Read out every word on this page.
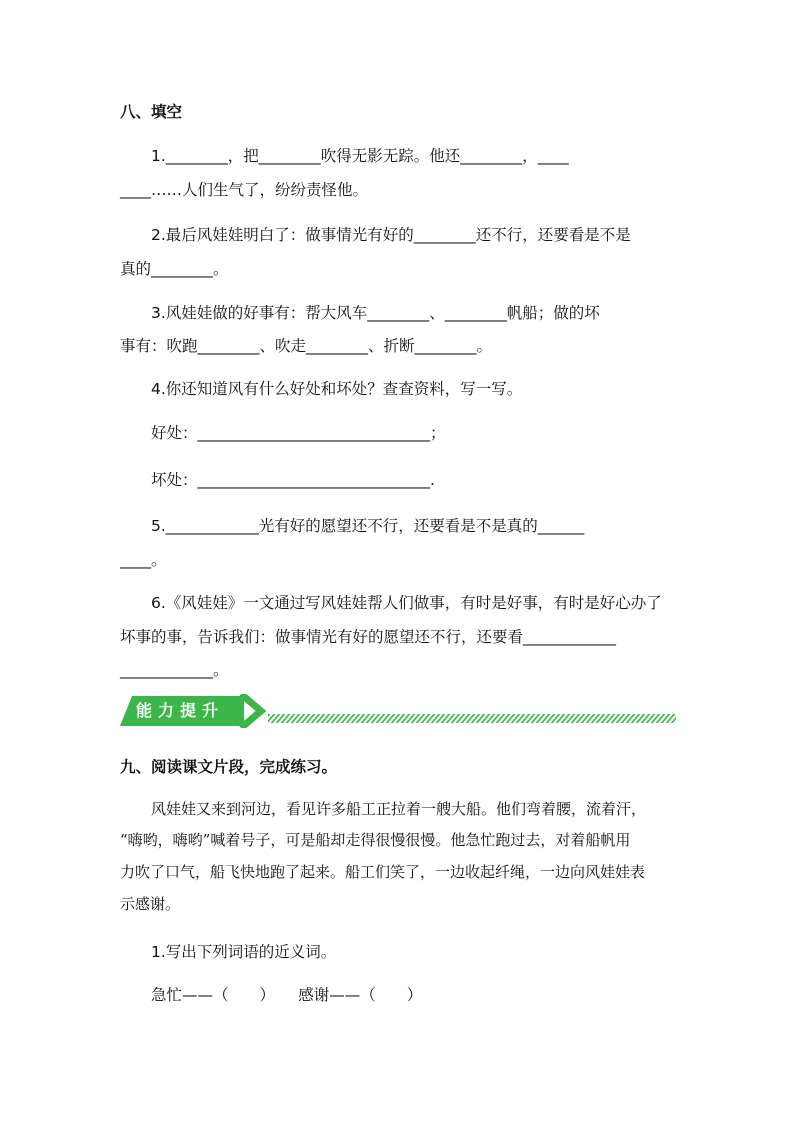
八、填空

1.________，把________吹得无影无踪。他还________，____

____……人们生气了，纷纷责怪他。

2.最后风娃娃明白了：做事情光有好的________还不行，还要看是不是

真的________。

3.风娃娃做的好事有：帮大风车________、________帆船；做的坏

事有：吹跑________、吹走________、折断________。

4.你还知道风有什么好处和坏处？查查资料，写一写。

好处：______________________________；

坏处：______________________________.

5.____________光有好的愿望还不行，还要看是不是真的______

____。

6.《风娃娃》一文通过写风娃娃帮人们做事，有时是好事，有时是好心办了

坏事的事，告诉我们：做事情光有好的愿望还不行，还要看____________

____________。

能力提升

九、阅读课文片段，完成练习。

风娃娃又来到河边，看见许多船工正拉着一艘大船。他们弯着腰，流着汗，

“嗨哟，嗨哟”喊着号子，可是船却走得很慢很慢。他急忙跑过去，对着船帆用

力吹了口气，船飞快地跑了起来。船工们笑了，一边收起纤绳，一边向风娃娃表

示感谢。

1.写出下列词语的近义词。

急忙——（　　）　　感谢——（　　）
